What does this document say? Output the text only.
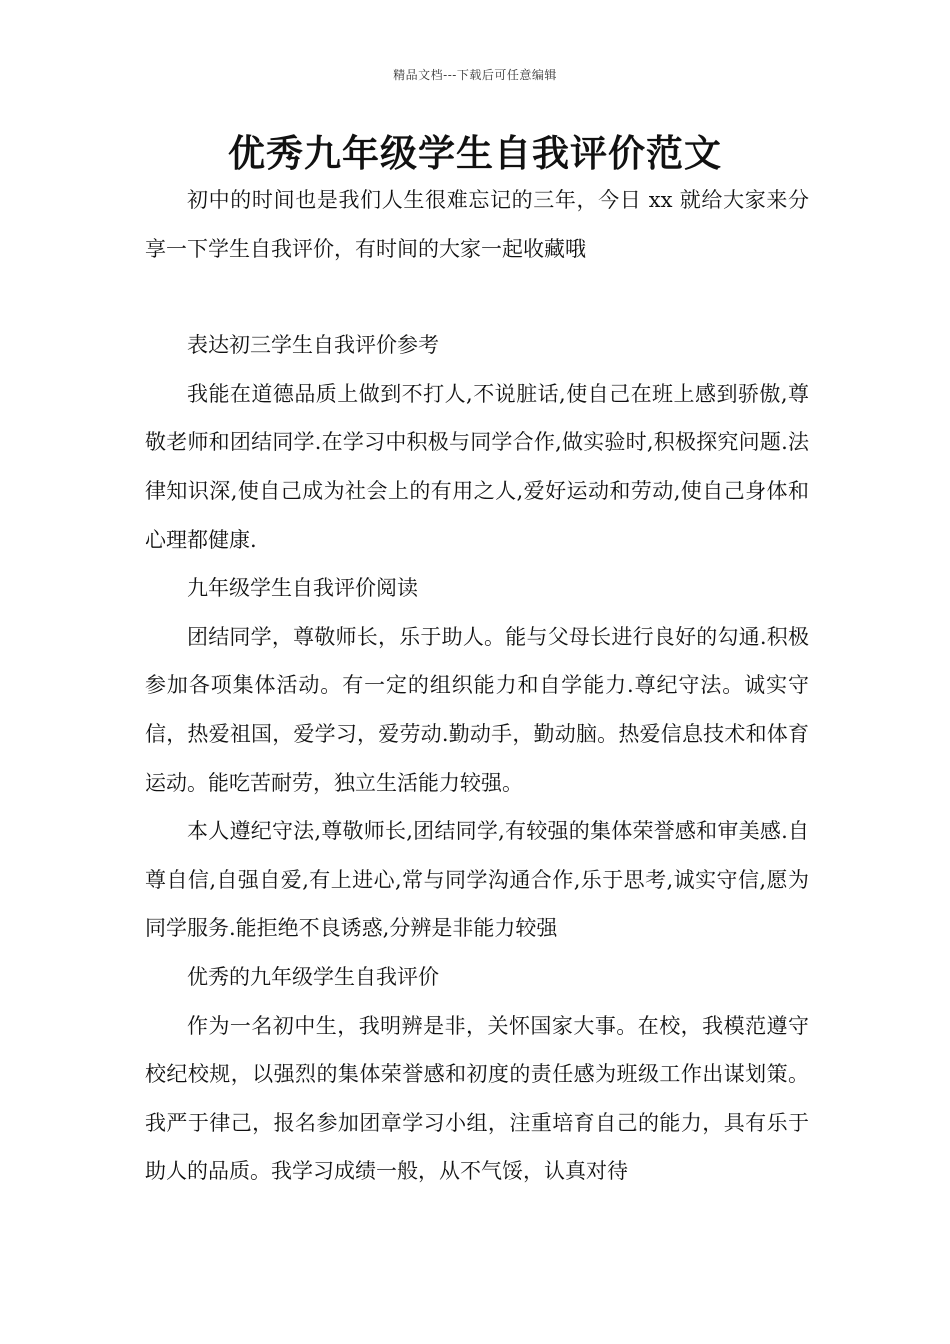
精品文档---下载后可任意编辑
优秀九年级学生自我评价范文

初中的时间也是我们人生很难忘记的三年，今日 xx 就给大家来分享一下学生自我评价，有时间的大家一起收藏哦

表达初三学生自我评价参考

我能在道德品质上做到不打人,不说脏话,使自己在班上感到骄傲,尊敬老师和团结同学.在学习中积极与同学合作,做实验时,积极探究问题.法律知识深,使自己成为社会上的有用之人,爱好运动和劳动,使自己身体和心理都健康.

九年级学生自我评价阅读

团结同学，尊敬师长，乐于助人。能与父母长进行良好的勾通.积极参加各项集体活动。有一定的组织能力和自学能力.尊纪守法。诚实守信，热爱祖国，爱学习，爱劳动.勤动手，勤动脑。热爱信息技术和体育运动。能吃苦耐劳，独立生活能力较强。

本人遵纪守法,尊敬师长,团结同学,有较强的集体荣誉感和审美感.自尊自信,自强自爱,有上进心,常与同学沟通合作,乐于思考,诚实守信,愿为同学服务.能拒绝不良诱惑,分辨是非能力较强

优秀的九年级学生自我评价

作为一名初中生，我明辨是非，关怀国家大事。在校，我模范遵守校纪校规，以强烈的集体荣誉感和初度的责任感为班级工作出谋划策。我严于律己，报名参加团章学习小组，注重培育自己的能力，具有乐于助人的品质。我学习成绩一般，从不气馁，认真对待
